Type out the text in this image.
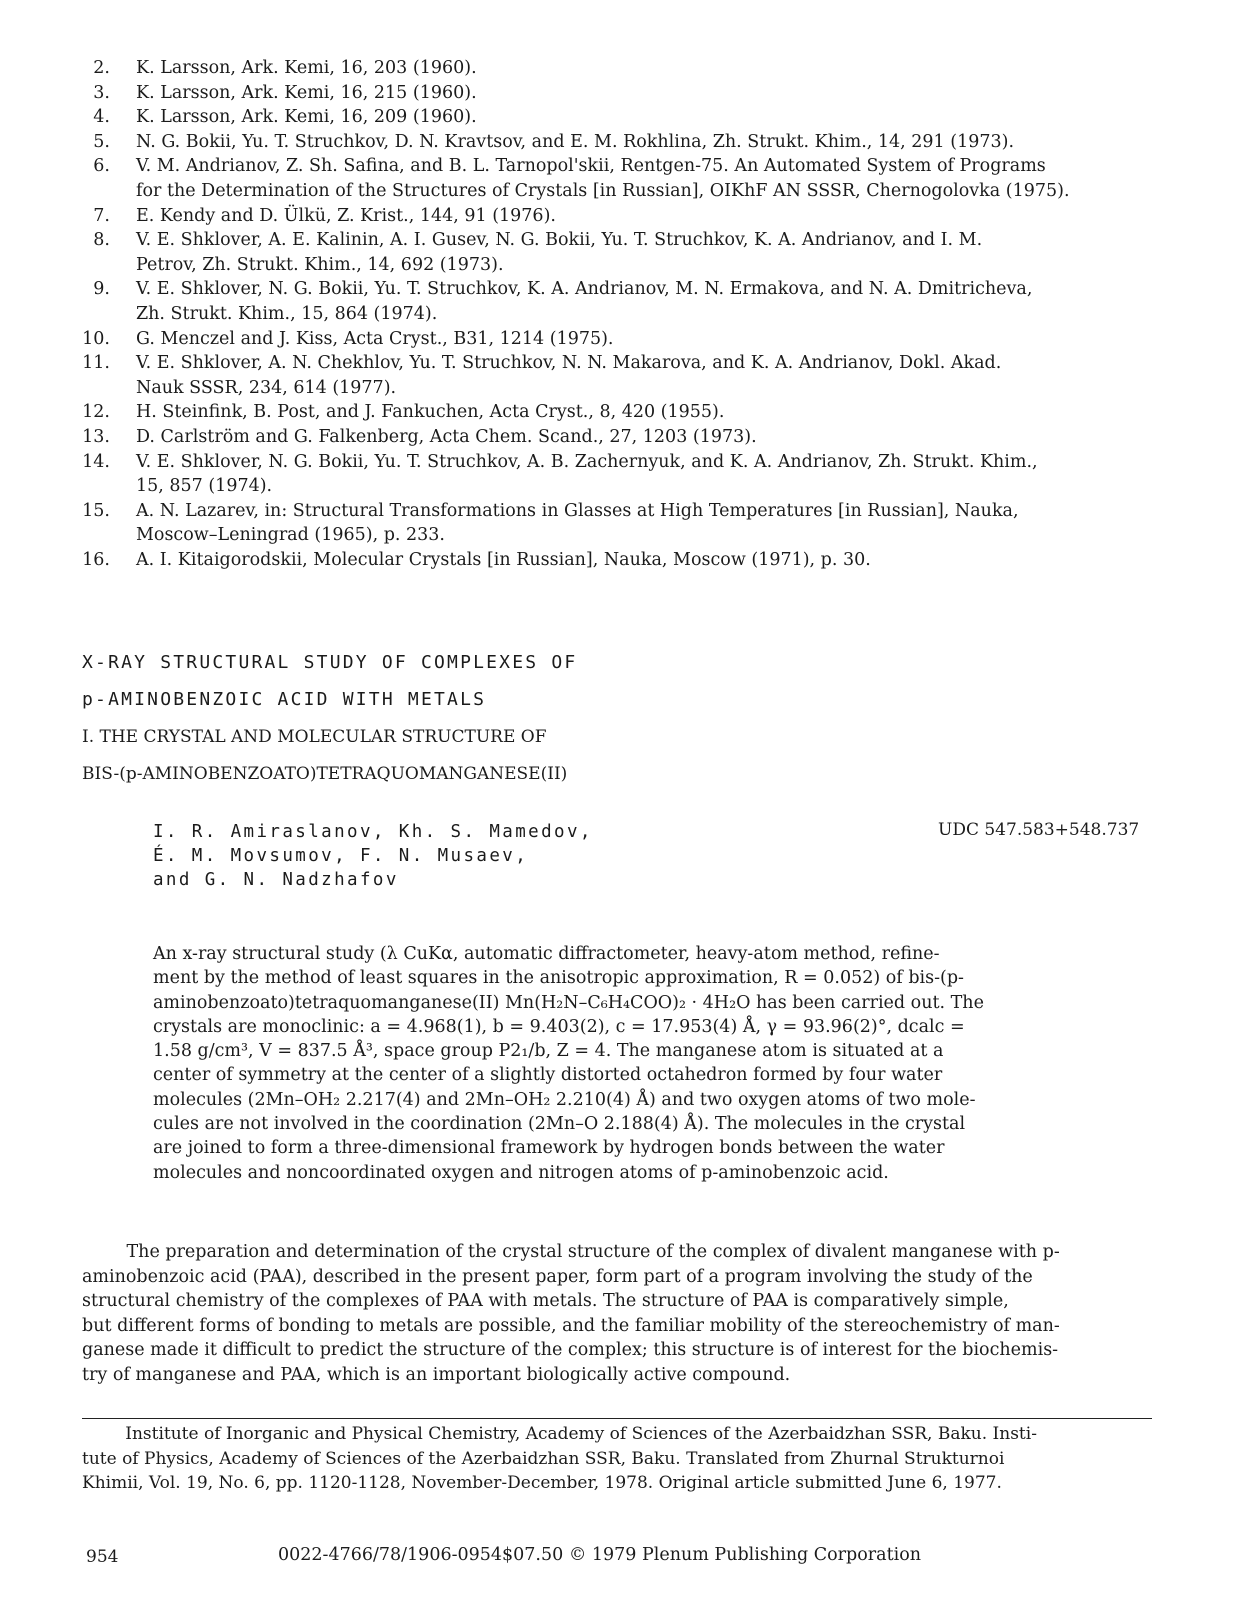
2. K. Larsson, Ark. Kemi, 16, 203 (1960).
3. K. Larsson, Ark. Kemi, 16, 215 (1960).
4. K. Larsson, Ark. Kemi, 16, 209 (1960).
5. N. G. Bokii, Yu. T. Struchkov, D. N. Kravtsov, and E. M. Rokhlina, Zh. Strukt. Khim., 14, 291 (1973).
6. V. M. Andrianov, Z. Sh. Safina, and B. L. Tarnopol'skii, Rentgen-75. An Automated System of Programs
for the Determination of the Structures of Crystals [in Russian], OIKhF AN SSSR, Chernogolovka (1975).
7. E. Kendy and D. Ülkü, Z. Krist., 144, 91 (1976).
8. V. E. Shklover, A. E. Kalinin, A. I. Gusev, N. G. Bokii, Yu. T. Struchkov, K. A. Andrianov, and I. M.
Petrov, Zh. Strukt. Khim., 14, 692 (1973).
9. V. E. Shklover, N. G. Bokii, Yu. T. Struchkov, K. A. Andrianov, M. N. Ermakova, and N. A. Dmitricheva,
Zh. Strukt. Khim., 15, 864 (1974).
10. G. Menczel and J. Kiss, Acta Cryst., B31, 1214 (1975).
11. V. E. Shklover, A. N. Chekhlov, Yu. T. Struchkov, N. N. Makarova, and K. A. Andrianov, Dokl. Akad.
Nauk SSSR, 234, 614 (1977).
12. H. Steinfink, B. Post, and J. Fankuchen, Acta Cryst., 8, 420 (1955).
13. D. Carlström and G. Falkenberg, Acta Chem. Scand., 27, 1203 (1973).
14. V. E. Shklover, N. G. Bokii, Yu. T. Struchkov, A. B. Zachernyuk, and K. A. Andrianov, Zh. Strukt. Khim.,
15, 857 (1974).
15. A. N. Lazarev, in: Structural Transformations in Glasses at High Temperatures [in Russian], Nauka,
Moscow–Leningrad (1965), p. 233.
16. A. I. Kitaigorodskii, Molecular Crystals [in Russian], Nauka, Moscow (1971), p. 30.
X-RAY STRUCTURAL STUDY OF COMPLEXES OF
p-AMINOBENZOIC ACID WITH METALS
I. THE CRYSTAL AND MOLECULAR STRUCTURE OF
BIS-(p-AMINOBENZOATO)TETRAQUOMANGANESE(II)
I. R. Amiraslanov, Kh. S. Mamedov,
É. M. Movsumov, F. N. Musaev,
and G. N. Nadzhafov
UDC 547.583+548.737
An x-ray structural study (λ CuKα, automatic diffractometer, heavy-atom method, refine-
ment by the method of least squares in the anisotropic approximation, R = 0.052) of bis-(p-
aminobenzoato)tetraquomanganese(II) Mn(H₂N–C₆H₄COO)₂ · 4H₂O has been carried out. The
crystals are monoclinic: a = 4.968(1), b = 9.403(2), c = 17.953(4) Å, γ = 93.96(2)°, dcalc =
1.58 g/cm³, V = 837.5 Å³, space group P2₁/b, Z = 4. The manganese atom is situated at a
center of symmetry at the center of a slightly distorted octahedron formed by four water
molecules (2Mn–OH₂ 2.217(4) and 2Mn–OH₂ 2.210(4) Å) and two oxygen atoms of two mole-
cules are not involved in the coordination (2Mn–O 2.188(4) Å). The molecules in the crystal
are joined to form a three-dimensional framework by hydrogen bonds between the water
molecules and noncoordinated oxygen and nitrogen atoms of p-aminobenzoic acid.
The preparation and determination of the crystal structure of the complex of divalent manganese with p-
aminobenzoic acid (PAA), described in the present paper, form part of a program involving the study of the
structural chemistry of the complexes of PAA with metals. The structure of PAA is comparatively simple,
but different forms of bonding to metals are possible, and the familiar mobility of the stereochemistry of man-
ganese made it difficult to predict the structure of the complex; this structure is of interest for the biochemis-
try of manganese and PAA, which is an important biologically active compound.
Institute of Inorganic and Physical Chemistry, Academy of Sciences of the Azerbaidzhan SSR, Baku. Insti-
tute of Physics, Academy of Sciences of the Azerbaidzhan SSR, Baku. Translated from Zhurnal Strukturnoi
Khimii, Vol. 19, No. 6, pp. 1120-1128, November-December, 1978. Original article submitted June 6, 1977.
954	0022-4766/78/1906-0954$07.50 © 1979 Plenum Publishing Corporation
